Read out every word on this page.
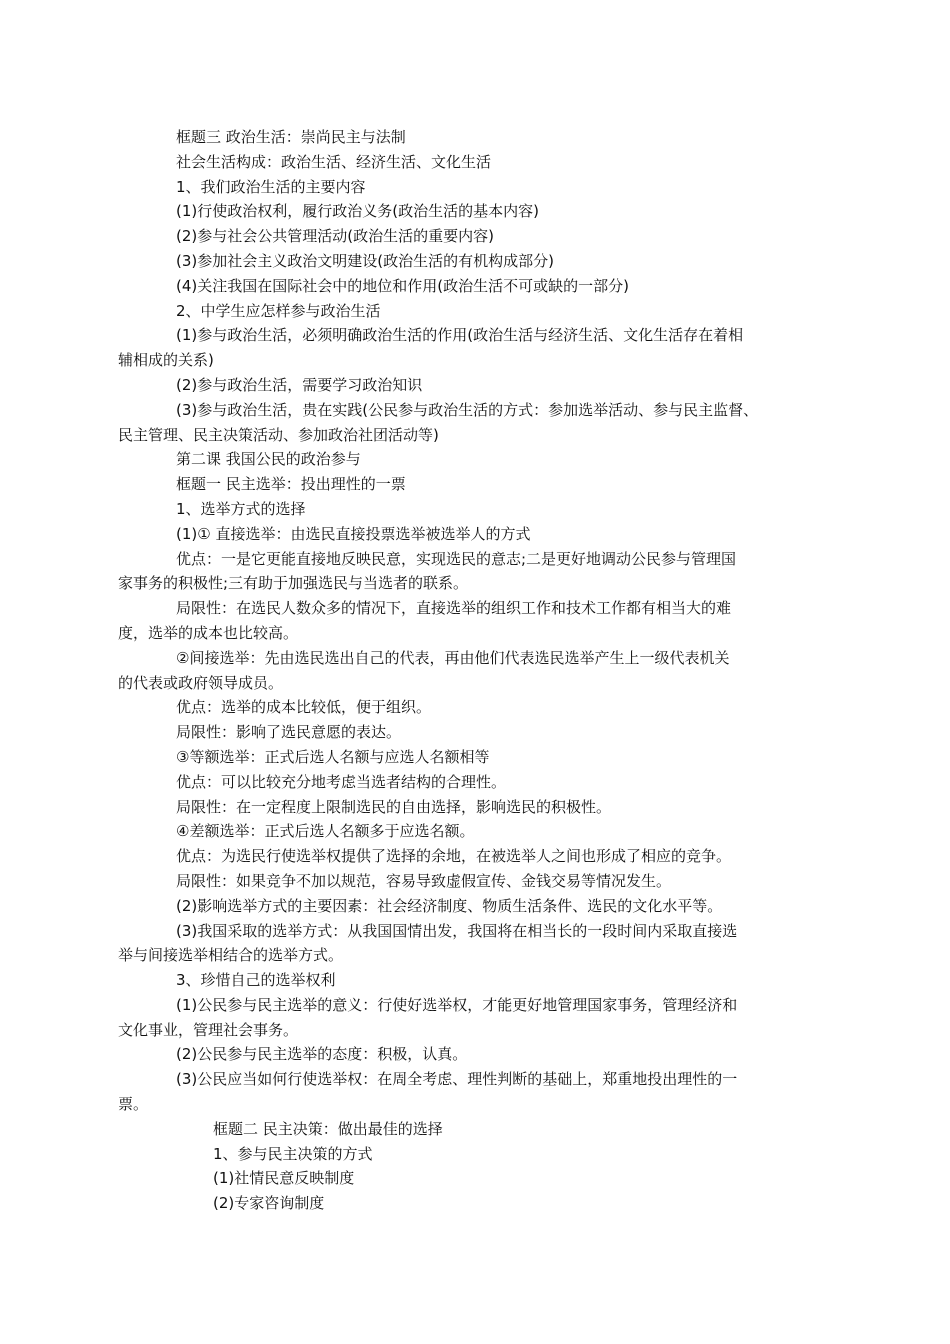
框题三 政治生活：崇尚民主与法制
社会生活构成：政治生活、经济生活、文化生活
1、我们政治生活的主要内容
(1)行使政治权利，履行政治义务(政治生活的基本内容)
(2)参与社会公共管理活动(政治生活的重要内容)
(3)参加社会主义政治文明建设(政治生活的有机构成部分)
(4)关注我国在国际社会中的地位和作用(政治生活不可或缺的一部分)
2、中学生应怎样参与政治生活
(1)参与政治生活，必须明确政治生活的作用(政治生活与经济生活、文化生活存在着相
辅相成的关系)
(2)参与政治生活，需要学习政治知识
(3)参与政治生活，贵在实践(公民参与政治生活的方式：参加选举活动、参与民主监督、
民主管理、民主决策活动、参加政治社团活动等)
第二课 我国公民的政治参与
框题一 民主选举：投出理性的一票
1、选举方式的选择
(1)① 直接选举：由选民直接投票选举被选举人的方式
优点：一是它更能直接地反映民意，实现选民的意志;二是更好地调动公民参与管理国
家事务的积极性;三有助于加强选民与当选者的联系。
局限性：在选民人数众多的情况下，直接选举的组织工作和技术工作都有相当大的难
度，选举的成本也比较高。
②间接选举：先由选民选出自己的代表，再由他们代表选民选举产生上一级代表机关
的代表或政府领导成员。
优点：选举的成本比较低，便于组织。
局限性：影响了选民意愿的表达。
③等额选举：正式后选人名额与应选人名额相等
优点：可以比较充分地考虑当选者结构的合理性。
局限性：在一定程度上限制选民的自由选择，影响选民的积极性。
④差额选举：正式后选人名额多于应选名额。
优点：为选民行使选举权提供了选择的余地，在被选举人之间也形成了相应的竞争。
局限性：如果竞争不加以规范，容易导致虚假宣传、金钱交易等情况发生。
(2)影响选举方式的主要因素：社会经济制度、物质生活条件、选民的文化水平等。
(3)我国采取的选举方式：从我国国情出发，我国将在相当长的一段时间内采取直接选
举与间接选举相结合的选举方式。
3、珍惜自己的选举权利
(1)公民参与民主选举的意义：行使好选举权，才能更好地管理国家事务，管理经济和
文化事业，管理社会事务。
(2)公民参与民主选举的态度：积极，认真。
(3)公民应当如何行使选举权：在周全考虑、理性判断的基础上，郑重地投出理性的一
票。
框题二 民主决策：做出最佳的选择
1、参与民主决策的方式
(1)社情民意反映制度
(2)专家咨询制度
